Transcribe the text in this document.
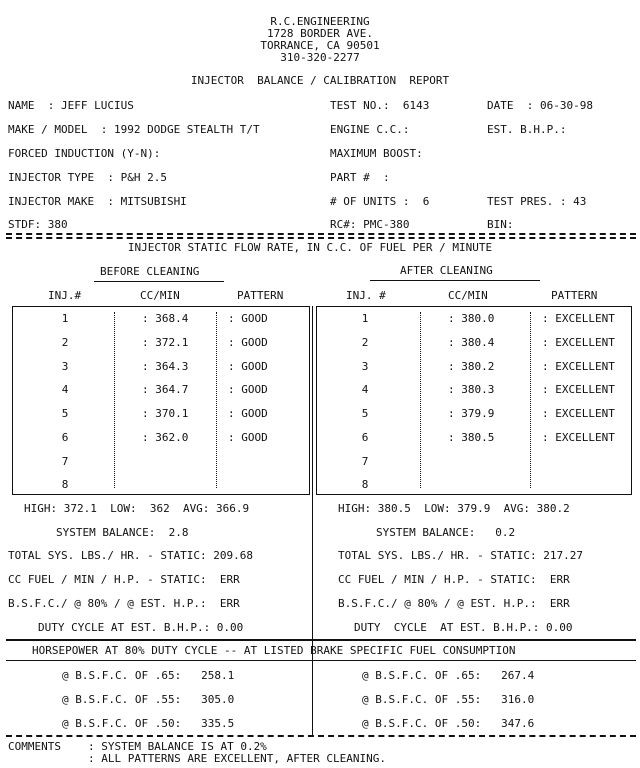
R.C.ENGINEERING
1728 BORDER AVE.
TORRANCE, CA 90501
310-320-2277
INJECTOR  BALANCE / CALIBRATION  REPORT
NAME  : JEFF LUCIUS
MAKE / MODEL  : 1992 DODGE STEALTH T/T
FORCED INDUCTION (Y-N):
INJECTOR TYPE  : P&H 2.5
INJECTOR MAKE  : MITSUBISHI
STDF: 380
TEST NO.:  6143
ENGINE C.C.:
MAXIMUM BOOST:
PART #  :
# OF UNITS :  6
RC#: PMC-380
DATE  : 06-30-98
EST. B.H.P.:
TEST PRES. : 43
BIN:
INJECTOR STATIC FLOW RATE, IN C.C. OF FUEL PER / MINUTE
BEFORE CLEANING	AFTER CLEANING
INJ.#	CC/MIN	PATTERN	INJ. #	CC/MIN	PATTERN
1	: 368.4	: GOOD
2	: 372.1	: GOOD
3	: 364.3	: GOOD
4	: 364.7	: GOOD
5	: 370.1	: GOOD
6	: 362.0	: GOOD
7
8
1	: 380.0	: EXCELLENT
2	: 380.4	: EXCELLENT
3	: 380.2	: EXCELLENT
4	: 380.3	: EXCELLENT
5	: 379.9	: EXCELLENT
6	: 380.5	: EXCELLENT
7
8
HIGH: 372.1  LOW:  362  AVG: 366.9	HIGH: 380.5  LOW: 379.9  AVG: 380.2
SYSTEM BALANCE:  2.8	SYSTEM BALANCE:   0.2
TOTAL SYS. LBS./ HR. - STATIC: 209.68	TOTAL SYS. LBS./ HR. - STATIC: 217.27
CC FUEL / MIN / H.P. - STATIC:  ERR	CC FUEL / MIN / H.P. - STATIC:  ERR
B.S.F.C./ @ 80% / @ EST. H.P.:  ERR	B.S.F.C./ @ 80% / @ EST. H.P.:  ERR
DUTY CYCLE AT EST. B.H.P.: 0.00	DUTY  CYCLE  AT EST. B.H.P.: 0.00
HORSEPOWER AT 80% DUTY CYCLE -- AT LISTED BRAKE SPECIFIC FUEL CONSUMPTION
@ B.S.F.C. OF .65:   258.1
@ B.S.F.C. OF .55:   305.0
@ B.S.F.C. OF .50:   335.5
@ B.S.F.C. OF .65:   267.4
@ B.S.F.C. OF .55:   316.0
@ B.S.F.C. OF .50:   347.6
COMMENTS : SYSTEM BALANCE IS AT 0.2%
: ALL PATTERNS ARE EXCELLENT, AFTER CLEANING.
